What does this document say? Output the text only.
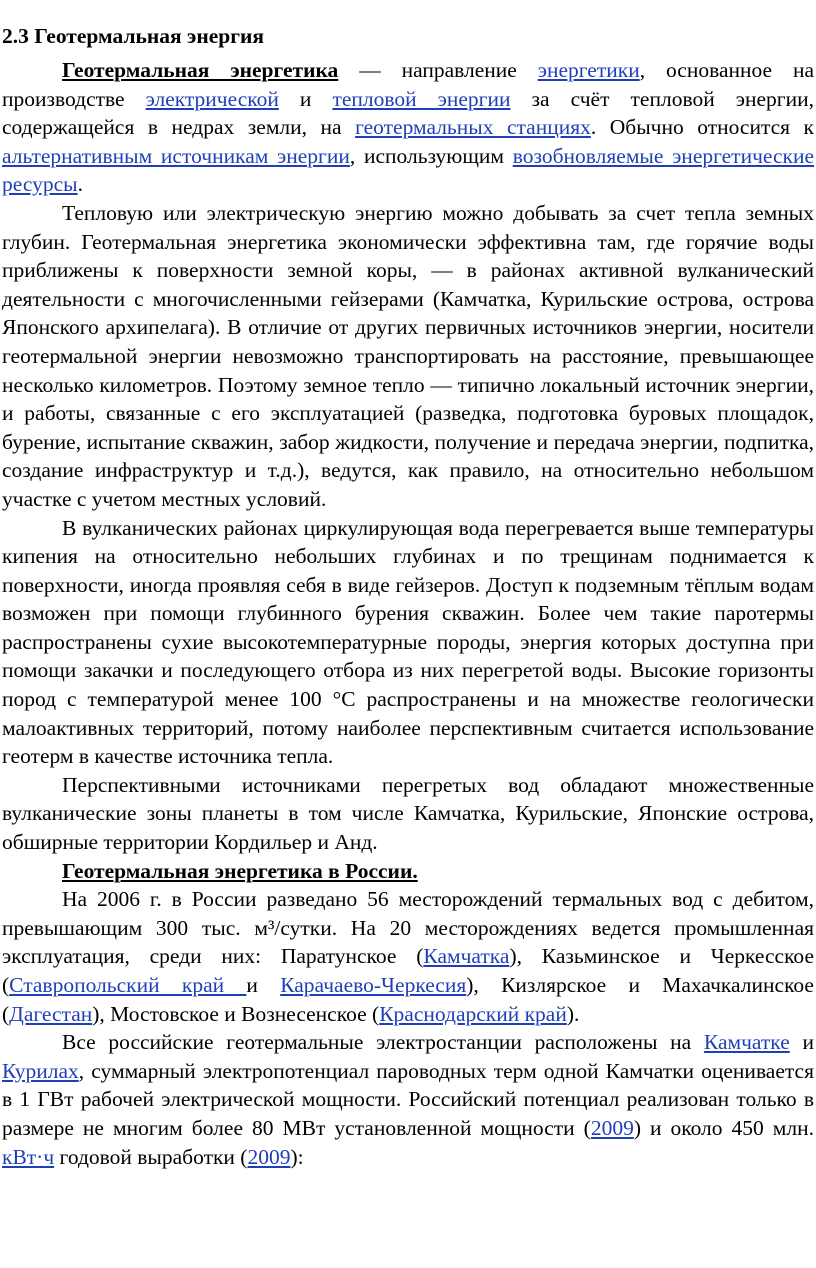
2.3 Геотермальная энергия

Геотермальная энергетика — направление энергетики, основанное на производстве электрической и тепловой энергии за счёт тепловой энергии, содержащейся в недрах земли, на геотермальных станциях. Обычно относится к альтернативным источникам энергии, использующим возобновляемые энергетические ресурсы.

Тепловую или электрическую энергию можно добывать за счет тепла земных глубин. Геотермальная энергетика экономически эффективна там, где горячие воды приближены к поверхности земной коры, — в районах активной вулканический деятельности с многочисленными гейзерами (Камчатка, Курильские острова, острова Японского архипелага). В отличие от других первичных источников энергии, носители геотермальной энергии невозможно транспортировать на расстояние, превышающее несколько километров. Поэтому земное тепло — типично локальный источник энергии, и работы, связанные с его эксплуатацией (разведка, подготовка буровых площадок, бурение, испытание скважин, забор жидкости, получение и передача энергии, подпитка, создание инфраструктур и т.д.), ведутся, как правило, на относительно небольшом участке с учетом местных условий.

В вулканических районах циркулирующая вода перегревается выше температуры кипения на относительно небольших глубинах и по трещинам поднимается к поверхности, иногда проявляя себя в виде гейзеров. Доступ к подземным тёплым водам возможен при помощи глубинного бурения скважин. Более чем такие паротермы распространены сухие высокотемпературные породы, энергия которых доступна при помощи закачки и последующего отбора из них перегретой воды. Высокие горизонты пород с температурой менее 100 °C распространены и на множестве геологически малоактивных территорий, потому наиболее перспективным считается использование геотерм в качестве источника тепла.

Перспективными источниками перегретых вод обладают множественные вулканические зоны планеты в том числе Камчатка, Курильские, Японские острова, обширные территории Кордильер и Анд.

Геотермальная энергетика в России.

На 2006 г. в России разведано 56 месторождений термальных вод с дебитом, превышающим 300 тыс. м³/сутки. На 20 месторождениях ведется промышленная эксплуатация, среди них: Паратунское (Камчатка), Казьминское и Черкесское (Ставропольский край и Карачаево-Черкесия), Кизлярское и Махачкалинское (Дагестан), Мостовское и Вознесенское (Краснодарский край).

Все российские геотермальные электростанции расположены на Камчатке и Курилах, суммарный электропотенциал пароводных терм одной Камчатки оценивается в 1 ГВт рабочей электрической мощности. Российский потенциал реализован только в размере не многим более 80 МВт установленной мощности (2009) и около 450 млн. кВт·ч годовой выработки (2009):
